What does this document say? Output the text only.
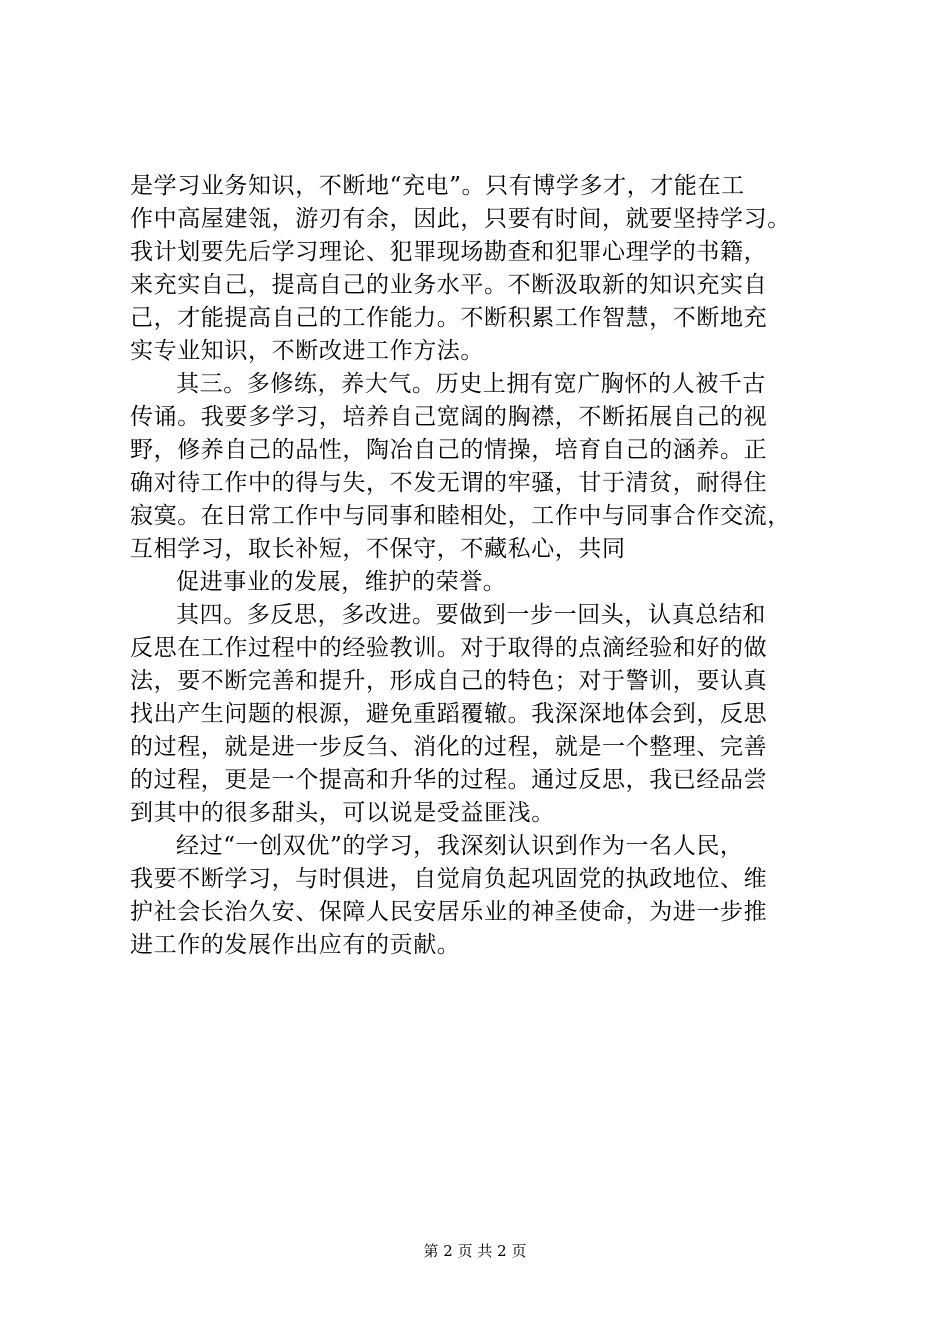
是学习业务知识，不断地“充电”。只有博学多才，才能在工
作中高屋建瓴，游刃有余，因此，只要有时间，就要坚持学习。
我计划要先后学习理论、犯罪现场勘查和犯罪心理学的书籍，
来充实自己，提高自己的业务水平。不断汲取新的知识充实自
己，才能提高自己的工作能力。不断积累工作智慧，不断地充
实专业知识，不断改进工作方法。
其三。多修练，养大气。历史上拥有宽广胸怀的人被千古
传诵。我要多学习，培养自己宽阔的胸襟，不断拓展自己的视
野，修养自己的品性，陶冶自己的情操，培育自己的涵养。正
确对待工作中的得与失，不发无谓的牢骚，甘于清贫，耐得住
寂寞。在日常工作中与同事和睦相处，工作中与同事合作交流，
互相学习，取长补短，不保守，不藏私心，共同
促进事业的发展，维护的荣誉。
其四。多反思，多改进。要做到一步一回头，认真总结和
反思在工作过程中的经验教训。对于取得的点滴经验和好的做
法，要不断完善和提升，形成自己的特色；对于警训，要认真
找出产生问题的根源，避免重蹈覆辙。我深深地体会到，反思
的过程，就是进一步反刍、消化的过程，就是一个整理、完善
的过程，更是一个提高和升华的过程。通过反思，我已经品尝
到其中的很多甜头，可以说是受益匪浅。
经过“一创双优”的学习，我深刻认识到作为一名人民，
我要不断学习，与时俱进，自觉肩负起巩固党的执政地位、维
护社会长治久安、保障人民安居乐业的神圣使命，为进一步推
进工作的发展作出应有的贡献。
第 2 页 共 2 页
